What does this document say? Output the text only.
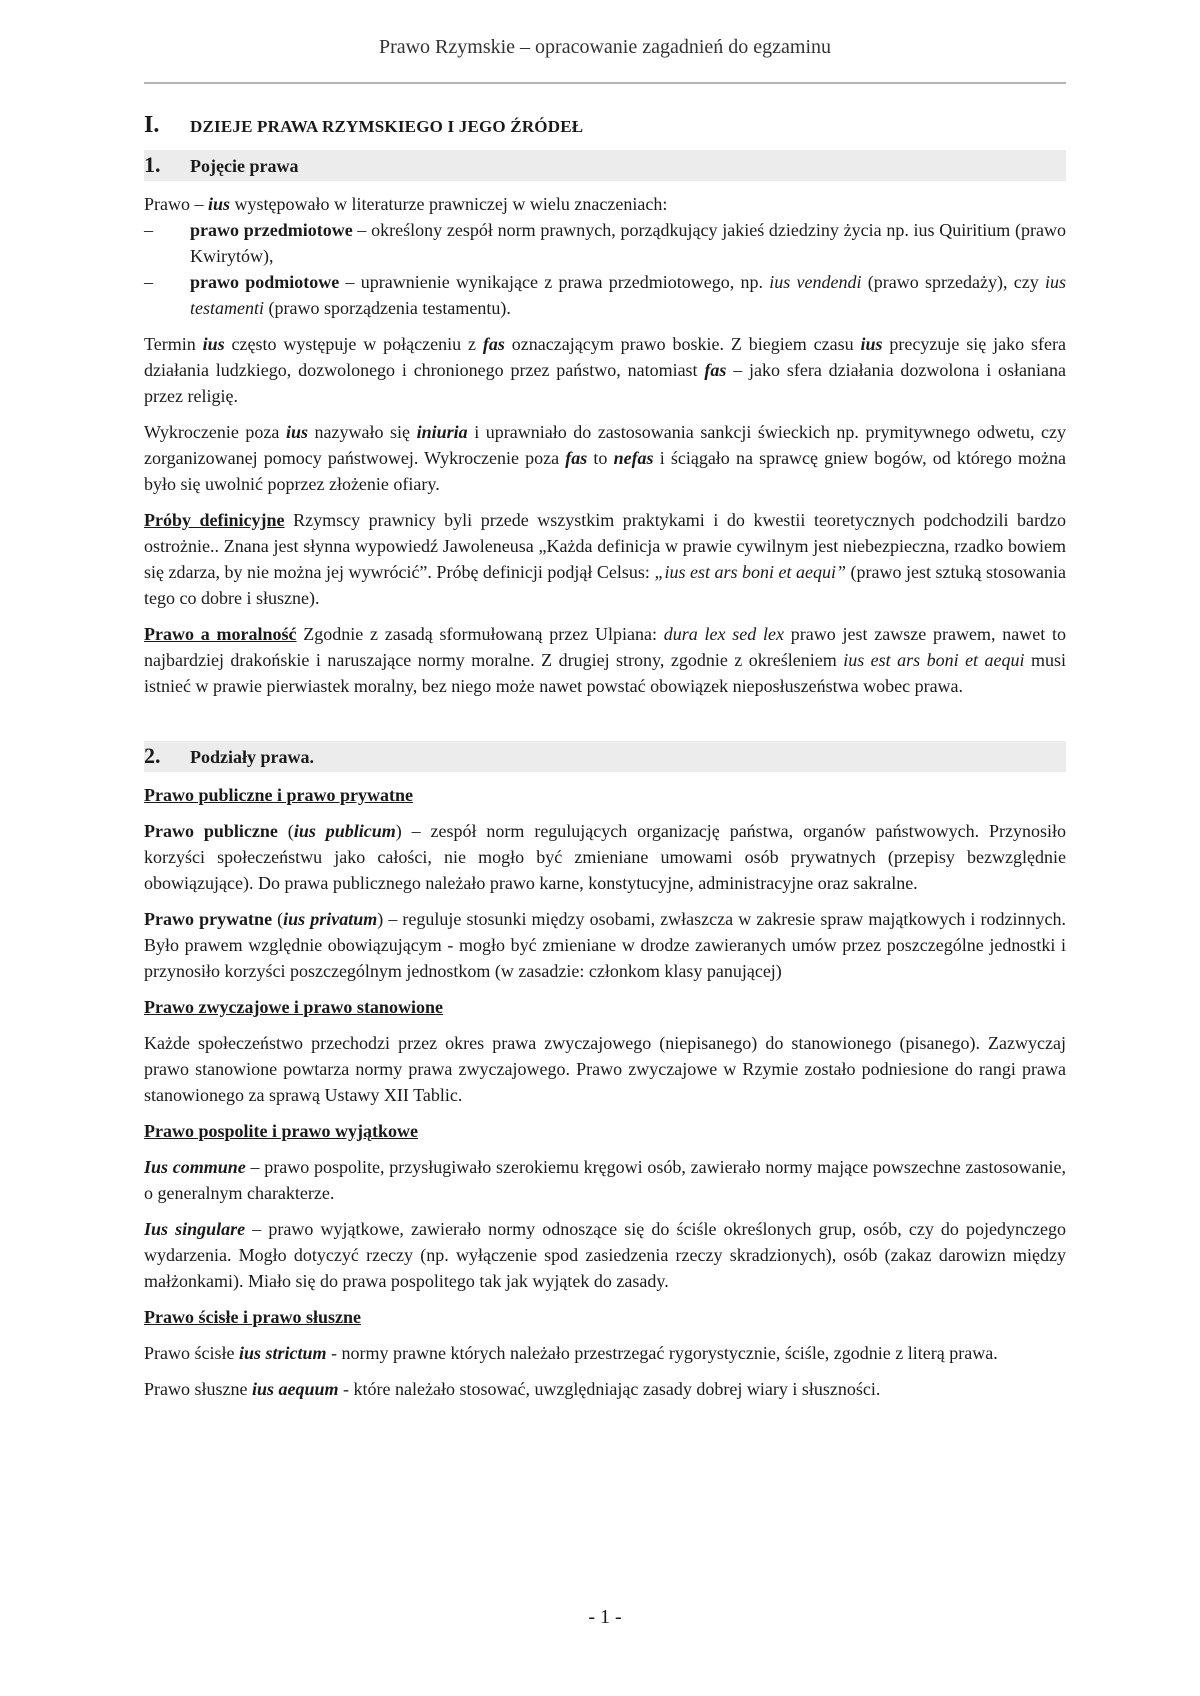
Prawo Rzymskie – opracowanie zagadnień do egzaminu
I.	DZIEJE PRAWA RZYMSKIEGO I JEGO ŹRÓDEŁ
1.	Pojęcie prawa

Prawo – ius występowało w literaturze prawniczej w wielu znaczeniach:

– prawo przedmiotowe – określony zespół norm prawnych, porządkujący jakieś dziedziny życia np. ius Quiritium (prawo Kwirytów),
– prawo podmiotowe – uprawnienie wynikające z prawa przedmiotowego, np. ius vendendi (prawo sprzedaży), czy ius testamenti (prawo sporządzenia testamentu).

Termin ius często występuje w połączeniu z fas oznaczającym prawo boskie. Z biegiem czasu ius precyzuje się jako sfera działania ludzkiego, dozwolonego i chronionego przez państwo, natomiast fas – jako sfera działania dozwolona i osłaniana przez religię.

Wykroczenie poza ius nazywało się iniuria i uprawniało do zastosowania sankcji świeckich np. prymitywnego odwetu, czy zorganizowanej pomocy państwowej. Wykroczenie poza fas to nefas i ściągało na sprawcę gniew bogów, od którego można było się uwolnić poprzez złożenie ofiary.

Próby definicyjne Rzymscy prawnicy byli przede wszystkim praktykami i do kwestii teoretycznych podchodzili bardzo ostrożnie.. Znana jest słynna wypowiedź Jawoleneusa „Każda definicja w prawie cywilnym jest niebezpieczna, rzadko bowiem się zdarza, by nie można jej wywrócić”. Próbę definicji podjął Celsus: „ius est ars boni et aequi” (prawo jest sztuką stosowania tego co dobre i słuszne).

Prawo a moralność Zgodnie z zasadą sformułowaną przez Ulpiana: dura lex sed lex prawo jest zawsze prawem, nawet to najbardziej drakońskie i naruszające normy moralne. Z drugiej strony, zgodnie z określeniem ius est ars boni et aequi musi istnieć w prawie pierwiastek moralny, bez niego może nawet powstać obowiązek nieposłuszeństwa wobec prawa.

2.	Podziały prawa.
Prawo publiczne i prawo prywatne

Prawo publiczne (ius publicum) – zespół norm regulujących organizację państwa, organów państwowych. Przynosiło korzyści społeczeństwu jako całości, nie mogło być zmieniane umowami osób prywatnych (przepisy bezwzględnie obowiązujące). Do prawa publicznego należało prawo karne, konstytucyjne, administracyjne oraz sakralne.

Prawo prywatne (ius privatum) – reguluje stosunki między osobami, zwłaszcza w zakresie spraw majątkowych i rodzinnych. Było prawem względnie obowiązującym - mogło być zmieniane w drodze zawieranych umów przez poszczególne jednostki i przynosiło korzyści poszczególnym jednostkom (w zasadzie: członkom klasy panującej)

Prawo zwyczajowe i prawo stanowione

Każde społeczeństwo przechodzi przez okres prawa zwyczajowego (niepisanego) do stanowionego (pisanego). Zazwyczaj prawo stanowione powtarza normy prawa zwyczajowego. Prawo zwyczajowe w Rzymie zostało podniesione do rangi prawa stanowionego za sprawą Ustawy XII Tablic.

Prawo pospolite i prawo wyjątkowe

Ius commune – prawo pospolite, przysługiwało szerokiemu kręgowi osób, zawierało normy mające powszechne zastosowanie, o generalnym charakterze.

Ius singulare – prawo wyjątkowe, zawierało normy odnoszące się do ściśle określonych grup, osób, czy do pojedynczego wydarzenia. Mogło dotyczyć rzeczy (np. wyłączenie spod zasiedzenia rzeczy skradzionych), osób (zakaz darowizn między małżonkami). Miało się do prawa pospolitego tak jak wyjątek do zasady.

Prawo ścisłe i prawo słuszne

Prawo ścisłe ius strictum - normy prawne których należało przestrzegać rygorystycznie, ściśle, zgodnie z literą prawa.

Prawo słuszne ius aequum - które należało stosować, uwzględniając zasady dobrej wiary i słuszności.

- 1 -
